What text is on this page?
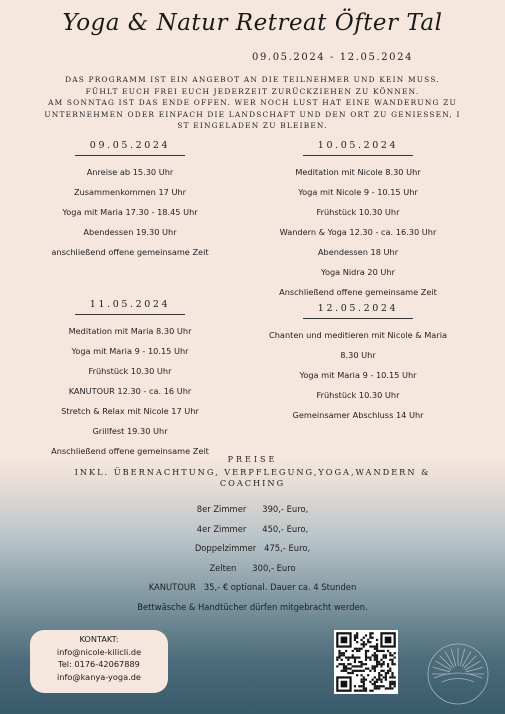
Yoga & Natur Retreat Öfter Tal
09.05.2024 - 12.05.2024
DAS PROGRAMM IST EIN ANGEBOT AN DIE TEILNEHMER UND KEIN MUSS.
FÜHLT EUCH FREI EUCH JEDERZEIT ZURÜCKZIEHEN ZU KÖNNEN.
AM SONNTAG IST DAS ENDE OFFEN. WER NOCH LUST HAT EINE WANDERUNG ZU
UNTERNEHMEN ODER EINFACH DIE LANDSCHAFT UND DEN ORT ZU GENIESSEN, I
ST EINGELADEN ZU BLEIBEN.
09.05.2024
Anreise ab 15.30 Uhr
Zusammenkommen 17 Uhr
Yoga mit Maria 17.30 - 18.45 Uhr
Abendessen 19.30 Uhr
anschließend offene gemeinsame Zeit
10.05.2024
Meditation mit Nicole 8.30 Uhr
Yoga mit Nicole 9 - 10.15 Uhr
Frühstück 10.30 Uhr
Wandern & Yoga 12.30 - ca. 16.30 Uhr
Abendessen 18 Uhr
Yoga Nidra 20 Uhr
Anschließend offene gemeinsame Zeit
11.05.2024
Meditation mit Maria 8.30 Uhr
Yoga mit Maria 9 - 10.15 Uhr
Frühstück 10.30 Uhr
KANUTOUR 12.30 - ca. 16 Uhr
Stretch & Relax mit Nicole 17 Uhr
Grillfest 19.30 Uhr
Anschließend offene gemeinsame Zeit
12.05.2024
Chanten und meditieren mit Nicole & Maria
8.30 Uhr
Yoga mit Maria 9 - 10.15 Uhr
Frühstück 10.30 Uhr
Gemeinsamer Abschluss 14 Uhr
PREISE
INKL. ÜBERNACHTUNG, VERPFLEGUNG,YOGA,WANDERN &
COACHING
8er Zimmer      390,- Euro,
4er Zimmer      450,- Euro,
Doppelzimmer   475,- Euro,
Zelten      300,- Euro
KANUTOUR   35,- € optional. Dauer ca. 4 Stunden
Bettwäsche & Handtücher dürfen mitgebracht werden.
KONTAKT:
info@nicole-kilicli.de
Tel: 0176-42067889
info@kanya-yoga.de
